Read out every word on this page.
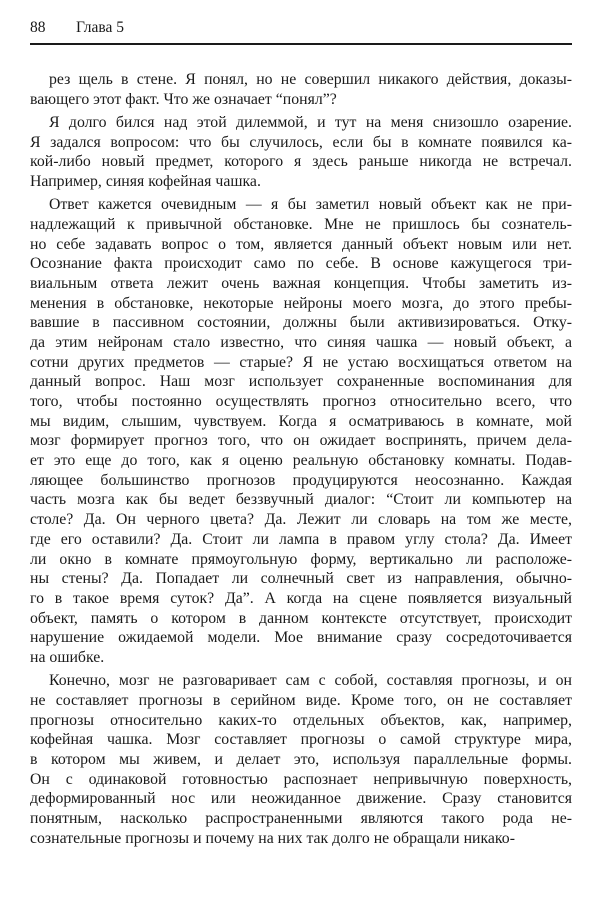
88 Глава 5
рез щель в стене. Я понял, но не совершил никакого действия, доказы-
вающего этот факт. Что же означает “понял”?
Я долго бился над этой дилеммой, и тут на меня снизошло озарение.
Я задался вопросом: что бы случилось, если бы в комнате появился ка-
кой-либо новый предмет, которого я здесь раньше никогда не встречал.
Например, синяя кофейная чашка.
Ответ кажется очевидным — я бы заметил новый объект как не при-
надлежащий к привычной обстановке. Мне не пришлось бы сознатель-
но себе задавать вопрос о том, является данный объект новым или нет.
Осознание факта происходит само по себе. В основе кажущегося три-
виальным ответа лежит очень важная концепция. Чтобы заметить из-
менения в обстановке, некоторые нейроны моего мозга, до этого пребы-
вавшие в пассивном состоянии, должны были активизироваться. Отку-
да этим нейронам стало известно, что синяя чашка — новый объект, а
сотни других предметов — старые? Я не устаю восхищаться ответом на
данный вопрос. Наш мозг использует сохраненные воспоминания для
того, чтобы постоянно осуществлять прогноз относительно всего, что
мы видим, слышим, чувствуем. Когда я осматриваюсь в комнате, мой
мозг формирует прогноз того, что он ожидает воспринять, причем дела-
ет это еще до того, как я оценю реальную обстановку комнаты. Подав-
ляющее большинство прогнозов продуцируются неосознанно. Каждая
часть мозга как бы ведет беззвучный диалог: “Стоит ли компьютер на
столе? Да. Он черного цвета? Да. Лежит ли словарь на том же месте,
где его оставили? Да. Стоит ли лампа в правом углу стола? Да. Имеет
ли окно в комнате прямоугольную форму, вертикально ли расположе-
ны стены? Да. Попадает ли солнечный свет из направления, обычно-
го в такое время суток? Да”. А когда на сцене появляется визуальный
объект, память о котором в данном контексте отсутствует, происходит
нарушение ожидаемой модели. Мое внимание сразу сосредоточивается
на ошибке.
Конечно, мозг не разговаривает сам с собой, составляя прогнозы, и он
не составляет прогнозы в серийном виде. Кроме того, он не составляет
прогнозы относительно каких-то отдельных объектов, как, например,
кофейная чашка. Мозг составляет прогнозы о самой структуре мира,
в котором мы живем, и делает это, используя параллельные формы.
Он с одинаковой готовностью распознает непривычную поверхность,
деформированный нос или неожиданное движение. Сразу становится
понятным, насколько распространенными являются такого рода не-
сознательные прогнозы и почему на них так долго не обращали никако-
